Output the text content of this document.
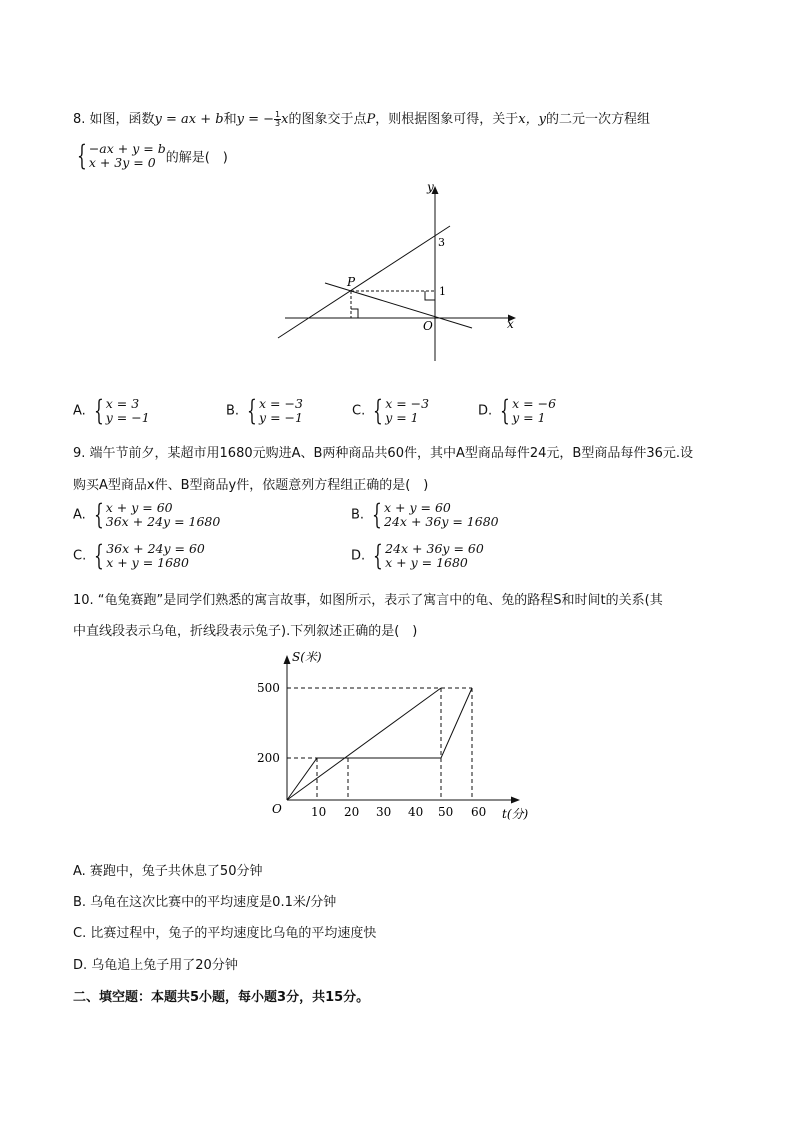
8. 如图，函数y = ax + b和y = − $\frac{1}{3}$ x的图象交于点P，则根据图象可得，关于x，y的二元一次方程组
{ −ax + y = b
x + 3y = 0 的解是(　)
y
x
O
3
1
P
A. { x = 3
y = −1	B. { x = −3
y = −1	C. { x = −3
y = 1	D. { x = −6
y = 1
9. 端午节前夕，某超市用1680元购进A、B两种商品共60件，其中A型商品每件24元，B型商品每件36元.设
购买A型商品x件、B型商品y件，依题意列方程组正确的是(　)
A. { x + y = 60
36x + 24y = 1680	B. { x + y = 60
24x + 36y = 1680
C. { 36x + 24y = 60
x + y = 1680	D. { 24x + 36y = 60
x + y = 1680
10. “龟兔赛跑”是同学们熟悉的寓言故事，如图所示，表示了寓言中的龟、兔的路程S和时间t的关系(其
中直线段表示乌龟，折线段表示兔子).下列叙述正确的是(　)
S(米)
t(分)
O
200
500
10 20 30 40 50 60
A. 赛跑中，兔子共休息了50分钟
B. 乌龟在这次比赛中的平均速度是0.1米/分钟
C. 比赛过程中，兔子的平均速度比乌龟的平均速度快
D. 乌龟追上兔子用了20分钟
二、填空题：本题共5小题，每小题3分，共15分。
